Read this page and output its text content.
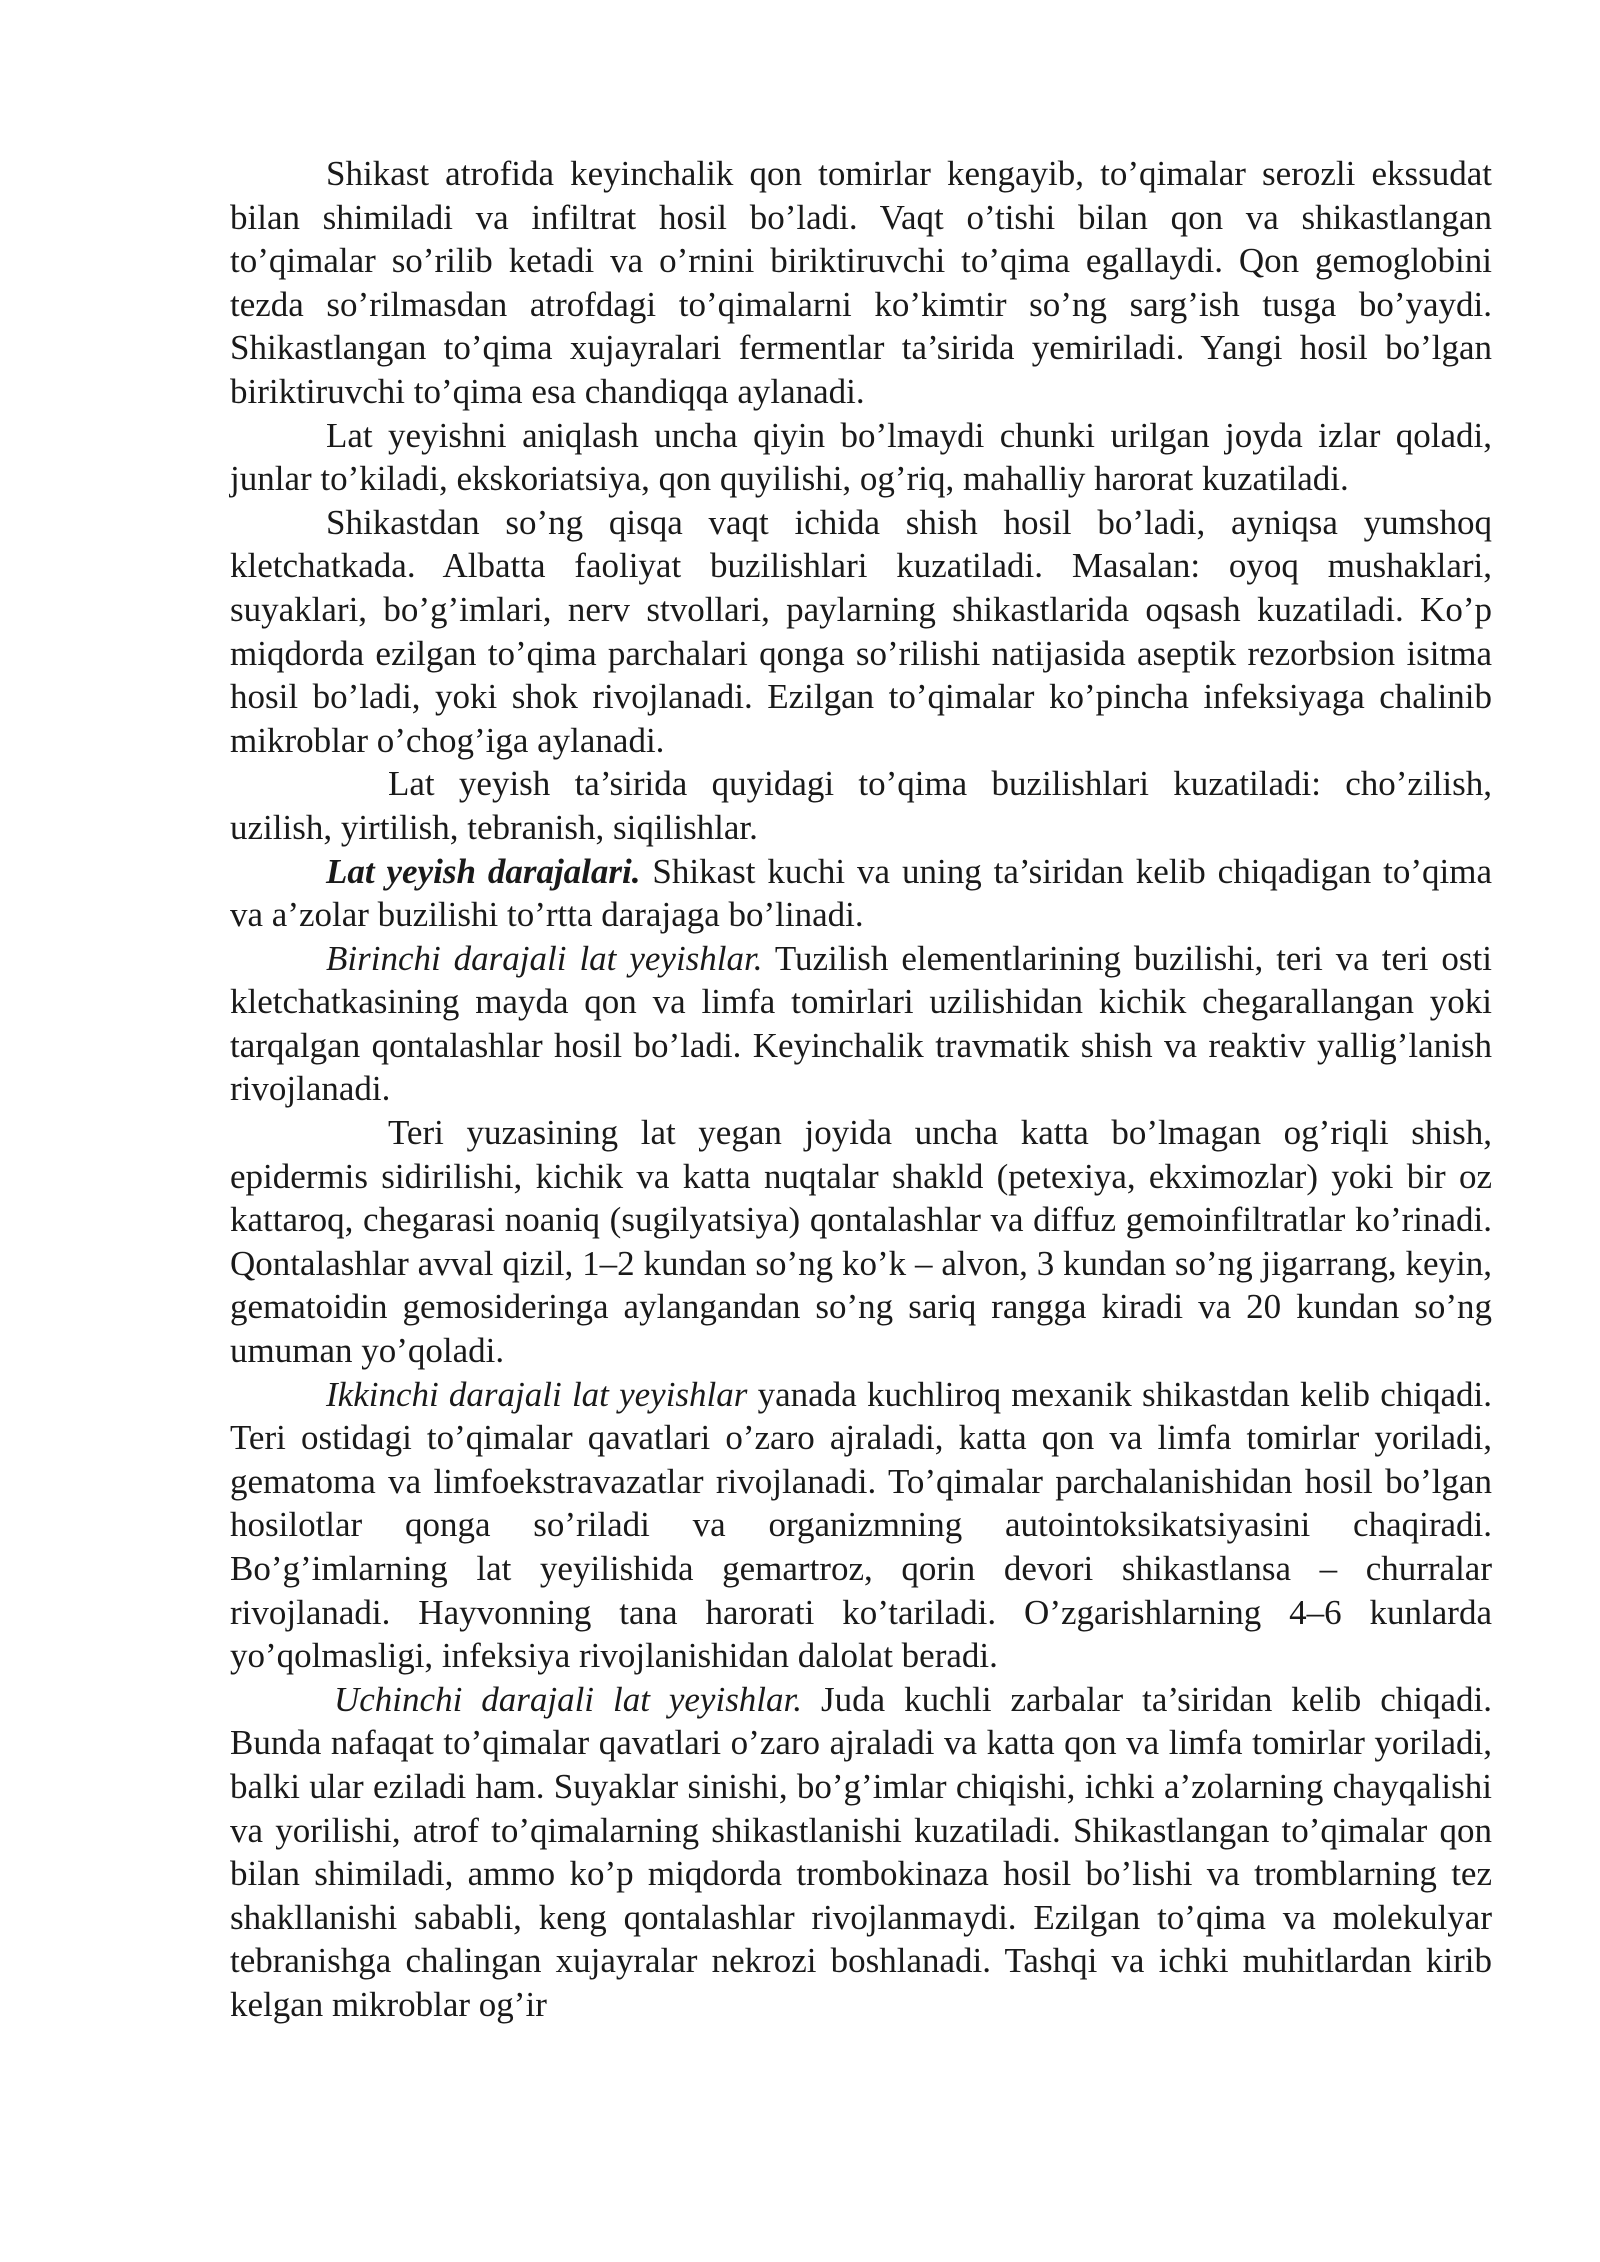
Shikast atrofida keyinchalik qon tomirlar kengayib, to’qimalar serozli ekssudat bilan shimiladi va infiltrat hosil bo’ladi. Vaqt o’tishi bilan qon va shikastlangan to’qimalar so’rilib ketadi va o’rnini biriktiruvchi to’qima egallaydi. Qon gemoglobini tezda so’rilmasdan atrofdagi to’qimalarni ko’kimtir so’ng sarg’ish tusga bo’yaydi. Shikastlangan to’qima xujayralari fermentlar ta’sirida yemiriladi. Yangi hosil bo’lgan biriktiruvchi to’qima esa chandiqqa aylanadi.

Lat yeyishni aniqlash uncha qiyin bo’lmaydi chunki urilgan joyda izlar qoladi, junlar to’kiladi, ekskoriatsiya, qon quyilishi, og’riq, mahalliy harorat kuzatiladi.

Shikastdan so’ng qisqa vaqt ichida shish hosil bo’ladi, ayniqsa yumshoq kletchatkada. Albatta faoliyat buzilishlari kuzatiladi. Masalan: oyoq mushaklari, suyaklari, bo’g’imlari, nerv stvollari, paylarning shikastlarida oqsash kuzatiladi. Ko’p miqdorda ezilgan to’qima parchalari qonga so’rilishi natijasida aseptik rezorbsion isitma hosil bo’ladi, yoki shok rivojlanadi. Ezilgan to’qimalar ko’pincha infeksiyaga chalinib mikroblar o’chog’iga aylanadi.

Lat yeyish ta’sirida quyidagi to’qima buzilishlari kuzatiladi: cho’zilish, uzilish, yirtilish, tebranish, siqilishlar.

Lat yeyish darajalari. Shikast kuchi va uning ta’siridan kelib chiqadigan to’qima va a’zolar buzilishi to’rtta darajaga bo’linadi.

Birinchi darajali lat yeyishlar. Tuzilish elementlarining buzilishi, teri va teri osti kletchatkasining mayda qon va limfa tomirlari uzilishidan kichik chegarallangan yoki tarqalgan qontalashlar hosil bo’ladi. Keyinchalik travmatik shish va reaktiv yallig’lanish rivojlanadi.

Teri yuzasining lat yegan joyida uncha katta bo’lmagan og’riqli shish, epidermis sidirilishi, kichik va katta nuqtalar shakld (petexiya, ekximozlar) yoki bir oz kattaroq, chegarasi noaniq (sugilyatsiya) qontalashlar va diffuz gemoinfiltratlar ko’rinadi. Qontalashlar avval qizil, 1–2 kundan so’ng ko’k – alvon, 3 kundan so’ng jigarrang, keyin, gematoidin gemosideringa aylangandan so’ng sariq rangga kiradi va 20 kundan so’ng umuman yo’qoladi.

Ikkinchi darajali lat yeyishlar yanada kuchliroq mexanik shikastdan kelib chiqadi. Teri ostidagi to’qimalar qavatlari o’zaro ajraladi, katta qon va limfa tomirlar yoriladi, gematoma va limfoekstravazatlar rivojlanadi. To’qimalar parchalanishidan hosil bo’lgan hosilotlar qonga so’riladi va organizmning autointoksikatsiyasini chaqiradi. Bo’g’imlarning lat yeyilishida gemartroz, qorin devori shikastlansa – churralar rivojlanadi. Hayvonning tana harorati ko’tariladi. O’zgarishlarning 4–6 kunlarda yo’qolmasligi, infeksiya rivojlanishidan dalolat beradi.

Uchinchi darajali lat yeyishlar. Juda kuchli zarbalar ta’siridan kelib chiqadi. Bunda nafaqat to’qimalar qavatlari o’zaro ajraladi va katta qon va limfa tomirlar yoriladi, balki ular eziladi ham. Suyaklar sinishi, bo’g’imlar chiqishi, ichki a’zolarning chayqalishi va yorilishi, atrof to’qimalarning shikastlanishi kuzatiladi. Shikastlangan to’qimalar qon bilan shimiladi, ammo ko’p miqdorda trombokinaza hosil bo’lishi va tromblarning tez shakllanishi sababli, keng qontalashlar rivojlanmaydi. Ezilgan to’qima va molekulyar tebranishga chalingan xujayralar nekrozi boshlanadi. Tashqi va ichki muhitlardan kirib kelgan mikroblar og’ir
